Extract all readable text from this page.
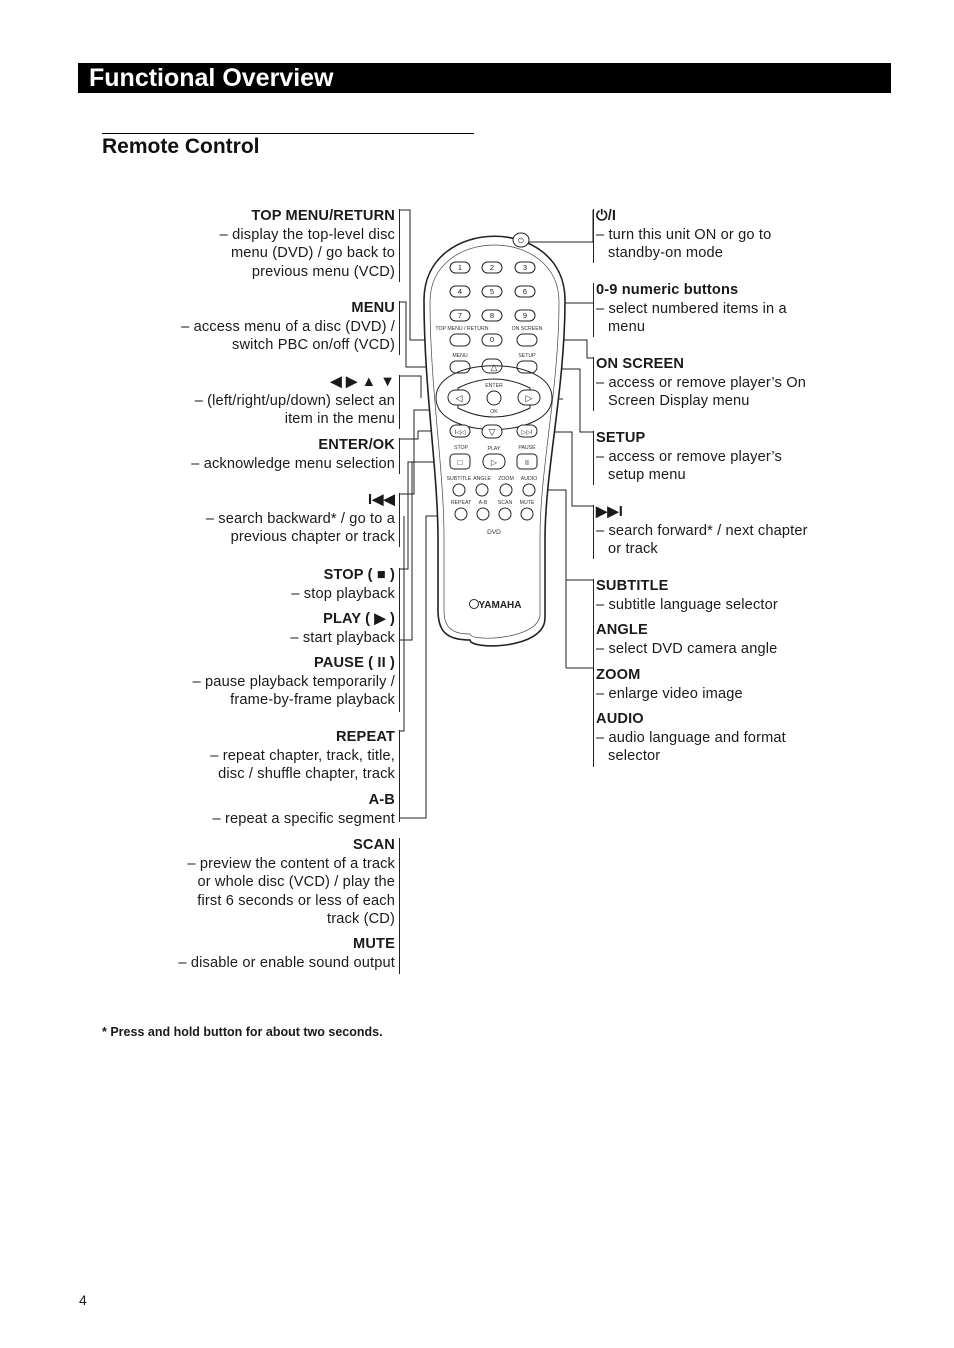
Functional Overview
Remote Control
TOP MENU/RETURN
– display the top-level disc
menu (DVD) / go back to
previous menu (VCD)
MENU
– access menu of a disc (DVD) /
switch PBC on/off (VCD)
◀ ▶ ▲ ▼
– (left/right/up/down) select an
item in the menu
ENTER/OK
– acknowledge menu selection
I◀◀
– search backward* / go to a
previous chapter or track
STOP ( ■ )
– stop playback
PLAY ( ▶ )
– start playback
PAUSE ( II )
– pause playback temporarily /
frame-by-frame playback
REPEAT
– repeat chapter, track, title,
disc / shuffle chapter, track
A-B
– repeat a specific segment
SCAN
– preview the content of a track
or whole disc (VCD) / play the
first 6 seconds or less of each
track (CD)
MUTE
– disable or enable sound output
⏻/I
– turn this unit ON or go to standby-on mode
0-9 numeric buttons
– select numbered items in a menu
ON SCREEN
– access or remove player’s On Screen Display menu
SETUP
– access or remove player’s setup menu
▶▶I
– search forward* / next chapter or track
SUBTITLE
– subtitle language selector
ANGLE
– select DVD camera angle
ZOOM
– enlarge video image
AUDIO
– audio language and format selector
⏻
1	2	3
4	5	6
7	8	9
0
△
◁	▷
▽
I◁◁	▷▷I
□	▷	II
TOP MENU / RETURN	ON SCREEN
MENU	SETUP
ENTER
OK
STOP	PLAY	PAUSE
SUBTITLE ANGLE ZOOM AUDIO
REPEAT A-B SCAN MUTE
DVD
YAMAHA
* Press and hold button for about two seconds.
4
